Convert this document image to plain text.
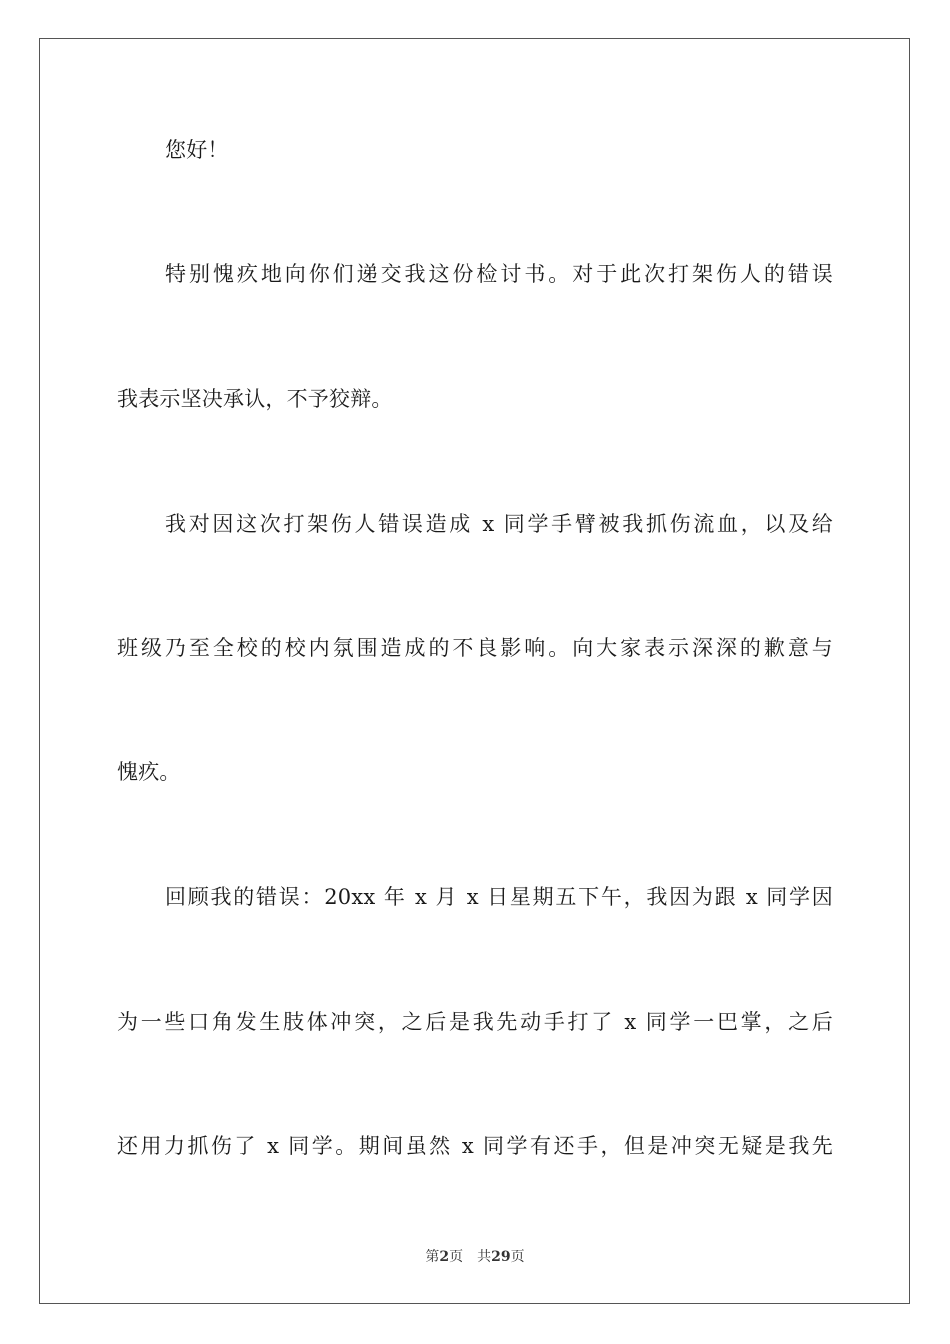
您好！
特别愧疚地向你们递交我这份检讨书。对于此次打架伤人的错误
我表示坚决承认，不予狡辩。
我对因这次打架伤人错误造成 x 同学手臂被我抓伤流血，以及给
班级乃至全校的校内氛围造成的不良影响。向大家表示深深的歉意与
愧疚。
回顾我的错误：20xx 年 x 月 x 日星期五下午，我因为跟 x 同学因
为一些口角发生肢体冲突，之后是我先动手打了 x 同学一巴掌，之后
还用力抓伤了 x 同学。期间虽然 x 同学有还手，但是冲突无疑是我先
第2页 共29页
